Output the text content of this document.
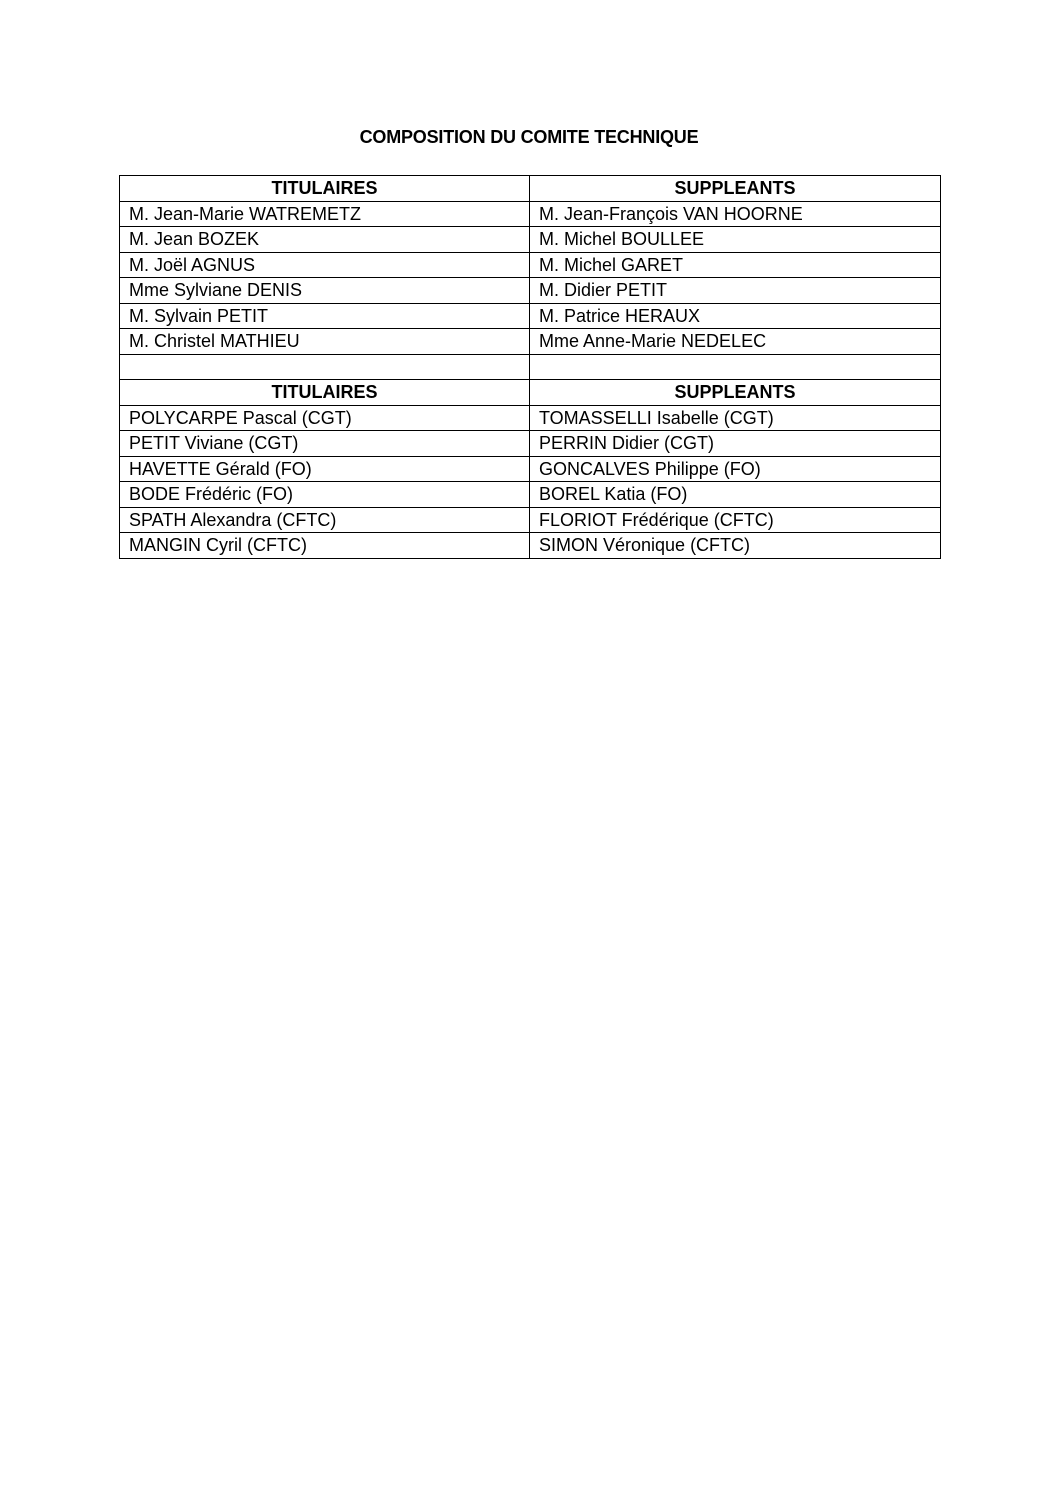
COMPOSITION DU COMITE TECHNIQUE
TITULAIRES	SUPPLEANTS
M. Jean-Marie WATREMETZ	M. Jean-François VAN HOORNE
M. Jean BOZEK	M. Michel BOULLEE
M. Joël AGNUS	M. Michel GARET
Mme Sylviane DENIS	M. Didier PETIT
M. Sylvain PETIT	M. Patrice HERAUX
M. Christel MATHIEU	Mme Anne-Marie NEDELEC

TITULAIRES	SUPPLEANTS
POLYCARPE Pascal (CGT)	TOMASSELLI Isabelle (CGT)
PETIT Viviane (CGT)	PERRIN Didier (CGT)
HAVETTE Gérald (FO)	GONCALVES Philippe (FO)
BODE Frédéric (FO)	BOREL Katia (FO)
SPATH Alexandra (CFTC)	FLORIOT Frédérique (CFTC)
MANGIN Cyril (CFTC)	SIMON Véronique (CFTC)
